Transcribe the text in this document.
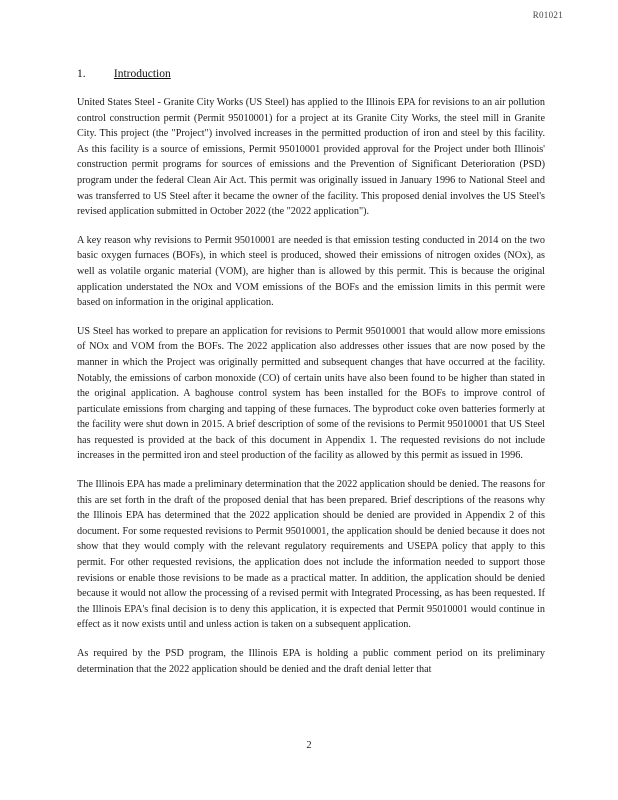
R01021
1. Introduction

United States Steel - Granite City Works (US Steel) has applied to the Illinois EPA for revisions to an air pollution control construction permit (Permit 95010001) for a project at its Granite City Works, the steel mill in Granite City. This project (the "Project") involved increases in the permitted production of iron and steel by this facility. As this facility is a source of emissions, Permit 95010001 provided approval for the Project under both Illinois' construction permit programs for sources of emissions and the Prevention of Significant Deterioration (PSD) program under the federal Clean Air Act. This permit was originally issued in January 1996 to National Steel and was transferred to US Steel after it became the owner of the facility. This proposed denial involves the US Steel's revised application submitted in October 2022 (the "2022 application").

A key reason why revisions to Permit 95010001 are needed is that emission testing conducted in 2014 on the two basic oxygen furnaces (BOFs), in which steel is produced, showed their emissions of nitrogen oxides (NOx), as well as volatile organic material (VOM), are higher than is allowed by this permit. This is because the original application understated the NOx and VOM emissions of the BOFs and the emission limits in this permit were based on information in the original application.

US Steel has worked to prepare an application for revisions to Permit 95010001 that would allow more emissions of NOx and VOM from the BOFs. The 2022 application also addresses other issues that are now posed by the manner in which the Project was originally permitted and subsequent changes that have occurred at the facility. Notably, the emissions of carbon monoxide (CO) of certain units have also been found to be higher than stated in the original application. A baghouse control system has been installed for the BOFs to improve control of particulate emissions from charging and tapping of these furnaces. The byproduct coke oven batteries formerly at the facility were shut down in 2015. A brief description of some of the revisions to Permit 95010001 that US Steel has requested is provided at the back of this document in Appendix 1. The requested revisions do not include increases in the permitted iron and steel production of the facility as allowed by this permit as issued in 1996.

The Illinois EPA has made a preliminary determination that the 2022 application should be denied. The reasons for this are set forth in the draft of the proposed denial that has been prepared. Brief descriptions of the reasons why the Illinois EPA has determined that the 2022 application should be denied are provided in Appendix 2 of this document. For some requested revisions to Permit 95010001, the application should be denied because it does not show that they would comply with the relevant regulatory requirements and USEPA policy that apply to this permit. For other requested revisions, the application does not include the information needed to support those revisions or enable those revisions to be made as a practical matter. In addition, the application should be denied because it would not allow the processing of a revised permit with Integrated Processing, as has been requested. If the Illinois EPA's final decision is to deny this application, it is expected that Permit 95010001 would continue in effect as it now exists until and unless action is taken on a subsequent application.

As required by the PSD program, the Illinois EPA is holding a public comment period on its preliminary determination that the 2022 application should be denied and the draft denial letter that

2
